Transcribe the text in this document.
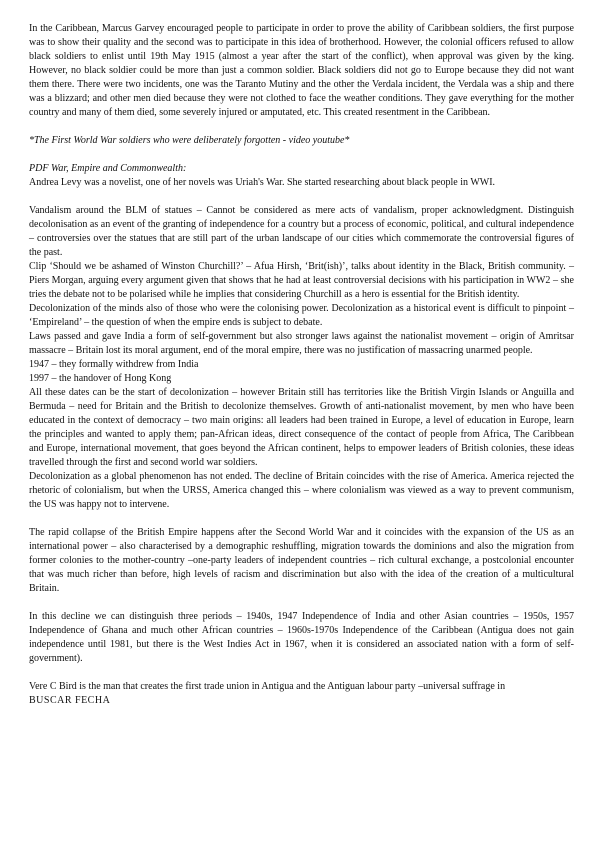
In the Caribbean, Marcus Garvey encouraged people to participate in order to prove the ability of Caribbean soldiers, the first purpose was to show their quality and the second was to participate in this idea of brotherhood. However, the colonial officers refused to allow black soldiers to enlist until 19th May 1915 (almost a year after the start of the conflict), when approval was given by the king. However, no black soldier could be more than just a common soldier. Black soldiers did not go to Europe because they did not want them there. There were two incidents, one was the Taranto Mutiny and the other the Verdala incident, the Verdala was a ship and there was a blizzard; and other men died because they were not clothed to face the weather conditions. They gave everything for the mother country and many of them died, some severely injured or amputated, etc. This created resentment in the Caribbean.

*The First World War soldiers who were deliberately forgotten - video youtube*

PDF War, Empire and Commonwealth:

Andrea Levy was a novelist, one of her novels was Uriah's War. She started researching about black people in WWI.

Vandalism around the BLM of statues – Cannot be considered as mere acts of vandalism, proper acknowledgment. Distinguish decolonisation as an event of the granting of independence for a country but a process of economic, political, and cultural independence – controversies over the statues that are still part of the urban landscape of our cities which commemorate the controversial figures of the past.

Clip ‘Should we be ashamed of Winston Churchill?’ – Afua Hirsh, ‘Brit(ish)’, talks about identity in the Black, British community. – Piers Morgan, arguing every argument given that shows that he had at least controversial decisions with his participation in WW2 – she tries the debate not to be polarised while he implies that considering Churchill as a hero is essential for the British identity.

Decolonization of the minds also of those who were the colonising power. Decolonization as a historical event is difficult to pinpoint – ‘Empireland’ – the question of when the empire ends is subject to debate.

Laws passed and gave India a form of self-government but also stronger laws against the nationalist movement – origin of Amritsar massacre – Britain lost its moral argument, end of the moral empire, there was no justification of massacring unarmed people.

1947 – they formally withdrew from India

1997 – the handover of Hong Kong

All these dates can be the start of decolonization – however Britain still has territories like the British Virgin Islands or Anguilla and Bermuda – need for Britain and the British to decolonize themselves. Growth of anti-nationalist movement, by men who have been educated in the context of democracy – two main origins: all leaders had been trained in Europe, a level of education in Europe, learn the principles and wanted to apply them; pan-African ideas, direct consequence of the contact of people from Africa, The Caribbean and Europe, international movement, that goes beyond the African continent, helps to empower leaders of British colonies, these ideas travelled through the first and second world war soldiers.

Decolonization as a global phenomenon has not ended. The decline of Britain coincides with the rise of America. America rejected the rhetoric of colonialism, but when the URSS, America changed this – where colonialism was viewed as a way to prevent communism, the US was happy not to intervene.

The rapid collapse of the British Empire happens after the Second World War and it coincides with the expansion of the US as an international power – also characterised by a demographic reshuffling, migration towards the dominions and also the migration from former colonies to the mother-country –one-party leaders of independent countries – rich cultural exchange, a postcolonial encounter that was much richer than before, high levels of racism and discrimination but also with the idea of the creation of a multicultural Britain.

In this decline we can distinguish three periods – 1940s, 1947 Independence of India and other Asian countries – 1950s, 1957 Independence of Ghana and much other African countries – 1960s-1970s Independence of the Caribbean (Antigua does not gain independence until 1981, but there is the West Indies Act in 1967, when it is considered an associated nation with a form of self-government).

Vere C Bird is the man that creates the first trade union in Antigua and the Antiguan labour party –universal suffrage in

BUSCAR FECHA
